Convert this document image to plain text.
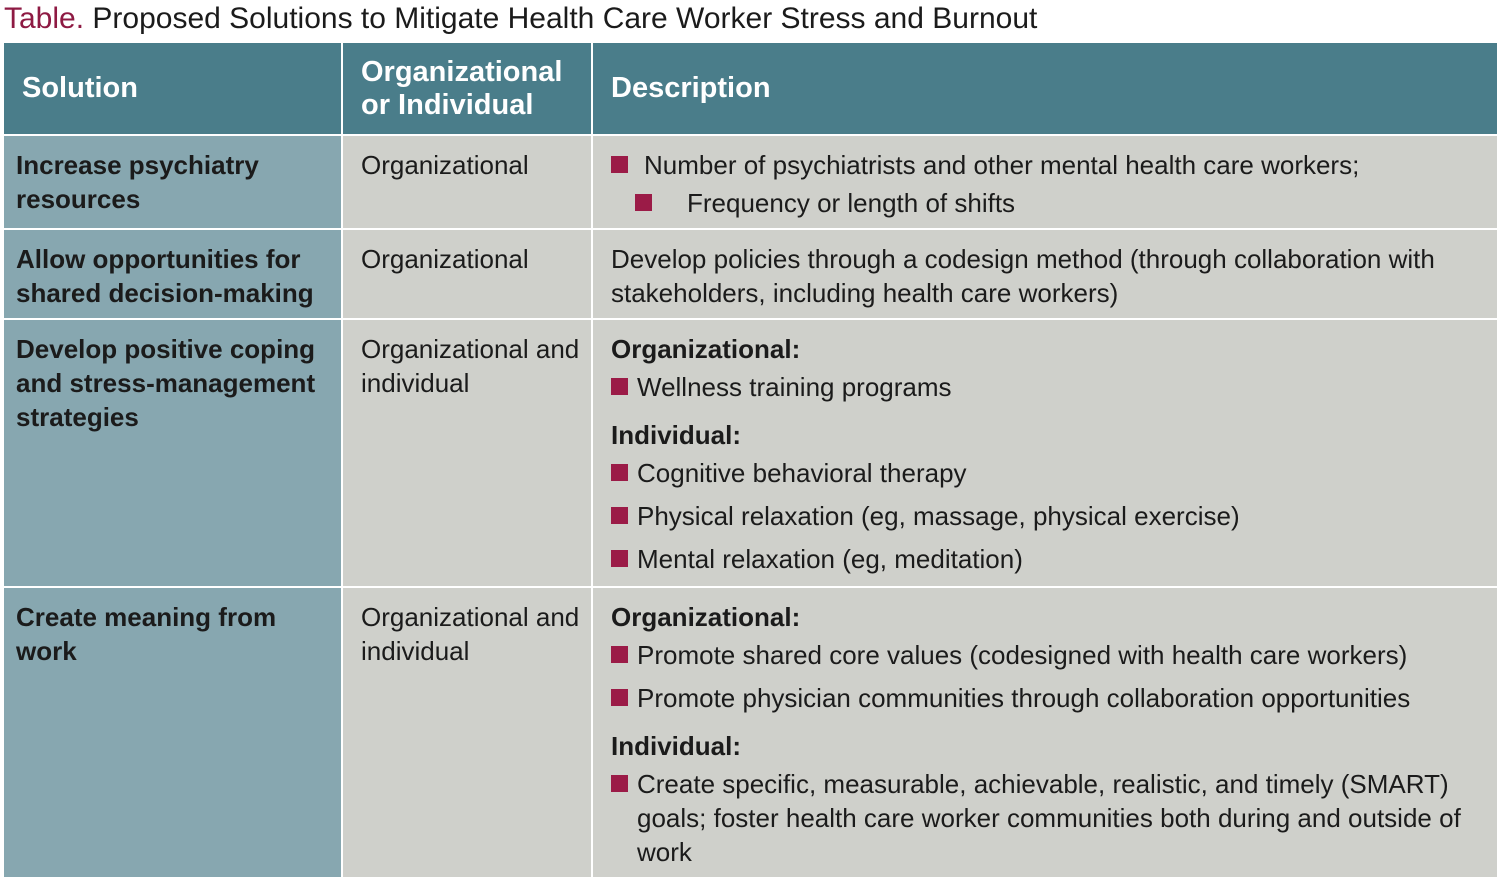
Table. Proposed Solutions to Mitigate Health Care Worker Stress and Burnout
Solution
Organizational
or Individual
Description
Increase psychiatry resources
Organizational	Number of psychiatrists and other mental health care workers;
Frequency or length of shifts
Allow opportunities for shared decision-making
Organizational	Develop policies through a codesign method (through collaboration with stakeholders, including health care workers)
Develop positive coping and stress-management strategies
Organizational and individual
Organizational:
Wellness training programs
Individual:
Cognitive behavioral therapy
Physical relaxation (eg, massage, physical exercise)
Mental relaxation (eg, meditation)
Create meaning from work
Organizational and individual
Organizational:
Promote shared core values (codesigned with health care workers)
Promote physician communities through collaboration opportunities
Individual:
Create specific, measurable, achievable, realistic, and timely (SMART) goals; foster health care worker communities both during and outside of work
